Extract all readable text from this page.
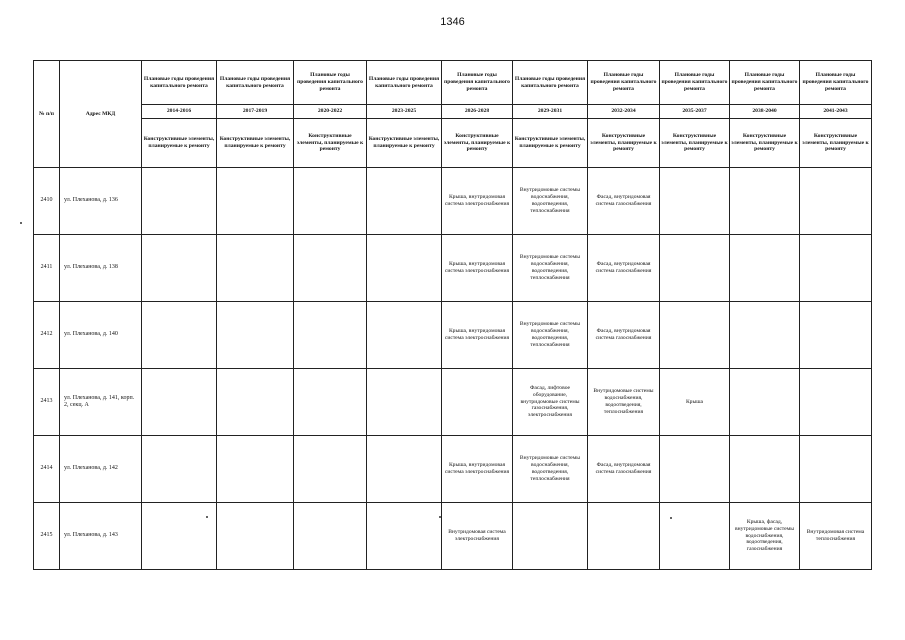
1346
№ п/п	Адрес МКД	Плановые годы проведения капитального ремонта	Плановые годы проведения капитального ремонта	Плановые годы проведения капитального ремонта	Плановые годы проведения капитального ремонта	Плановые годы проведения капитального ремонта	Плановые годы проведения капитального ремонта	Плановые годы проведения капитального ремонта	Плановые годы проведения капитального ремонта	Плановые годы проведения капитального ремонта	Плановые годы проведения капитального ремонта
		2014-2016	2017-2019	2020-2022	2023-2025	2026-2028	2029-2031	2032-2034	2035-2037	2038-2040	2041-2043
		Конструктивные элементы, планируемые к ремонту	Конструктивные элементы, планируемые к ремонту	Конструктивные элементы, планируемые к ремонту	Конструктивные элементы, планируемые к ремонту	Конструктивные элементы, планируемые к ремонту	Конструктивные элементы, планируемые к ремонту	Конструктивные элементы, планируемые к ремонту	Конструктивные элементы, планируемые к ремонту	Конструктивные элементы, планируемые к ремонту	Конструктивные элементы, планируемые к ремонту
2410	ул. Плеханова, д. 136					Крыша, внутридомовая система электроснабжения	Внутридомовые системы водоснабжения, водоотведения, теплоснабжения	Фасад, внутридомовая система газоснабжения			
2411	ул. Плеханова, д. 138					Крыша, внутридомовая система электроснабжения	Внутридомовые системы водоснабжения, водоотведения, теплоснабжения	Фасад, внутридомовая система газоснабжения			
2412	ул. Плеханова, д. 140					Крыша, внутридомовая система электроснабжения	Внутридомовые системы водоснабжения, водоотведения, теплоснабжения	Фасад, внутридомовая система газоснабжения			
2413	ул. Плеханова, д. 141, корп. 2, секц. А						Фасад, лифтовое оборудование, внутридомовые системы газоснабжения, электроснабжения	Внутридомовые системы водоснабжения, водоотведения, теплоснабжения	Крыша		
2414	ул. Плеханова, д. 142					Крыша, внутридомовая система электроснабжения	Внутридомовые системы водоснабжения, водоотведения, теплоснабжения	Фасад, внутридомовая система газоснабжения			
2415	ул. Плеханова, д. 143					Внутридомовая система электроснабжения				Крыша, фасад, внутридомовые системы водоснабжения, водоотведения, газоснабжения	Внутридомовая система теплоснабжения
